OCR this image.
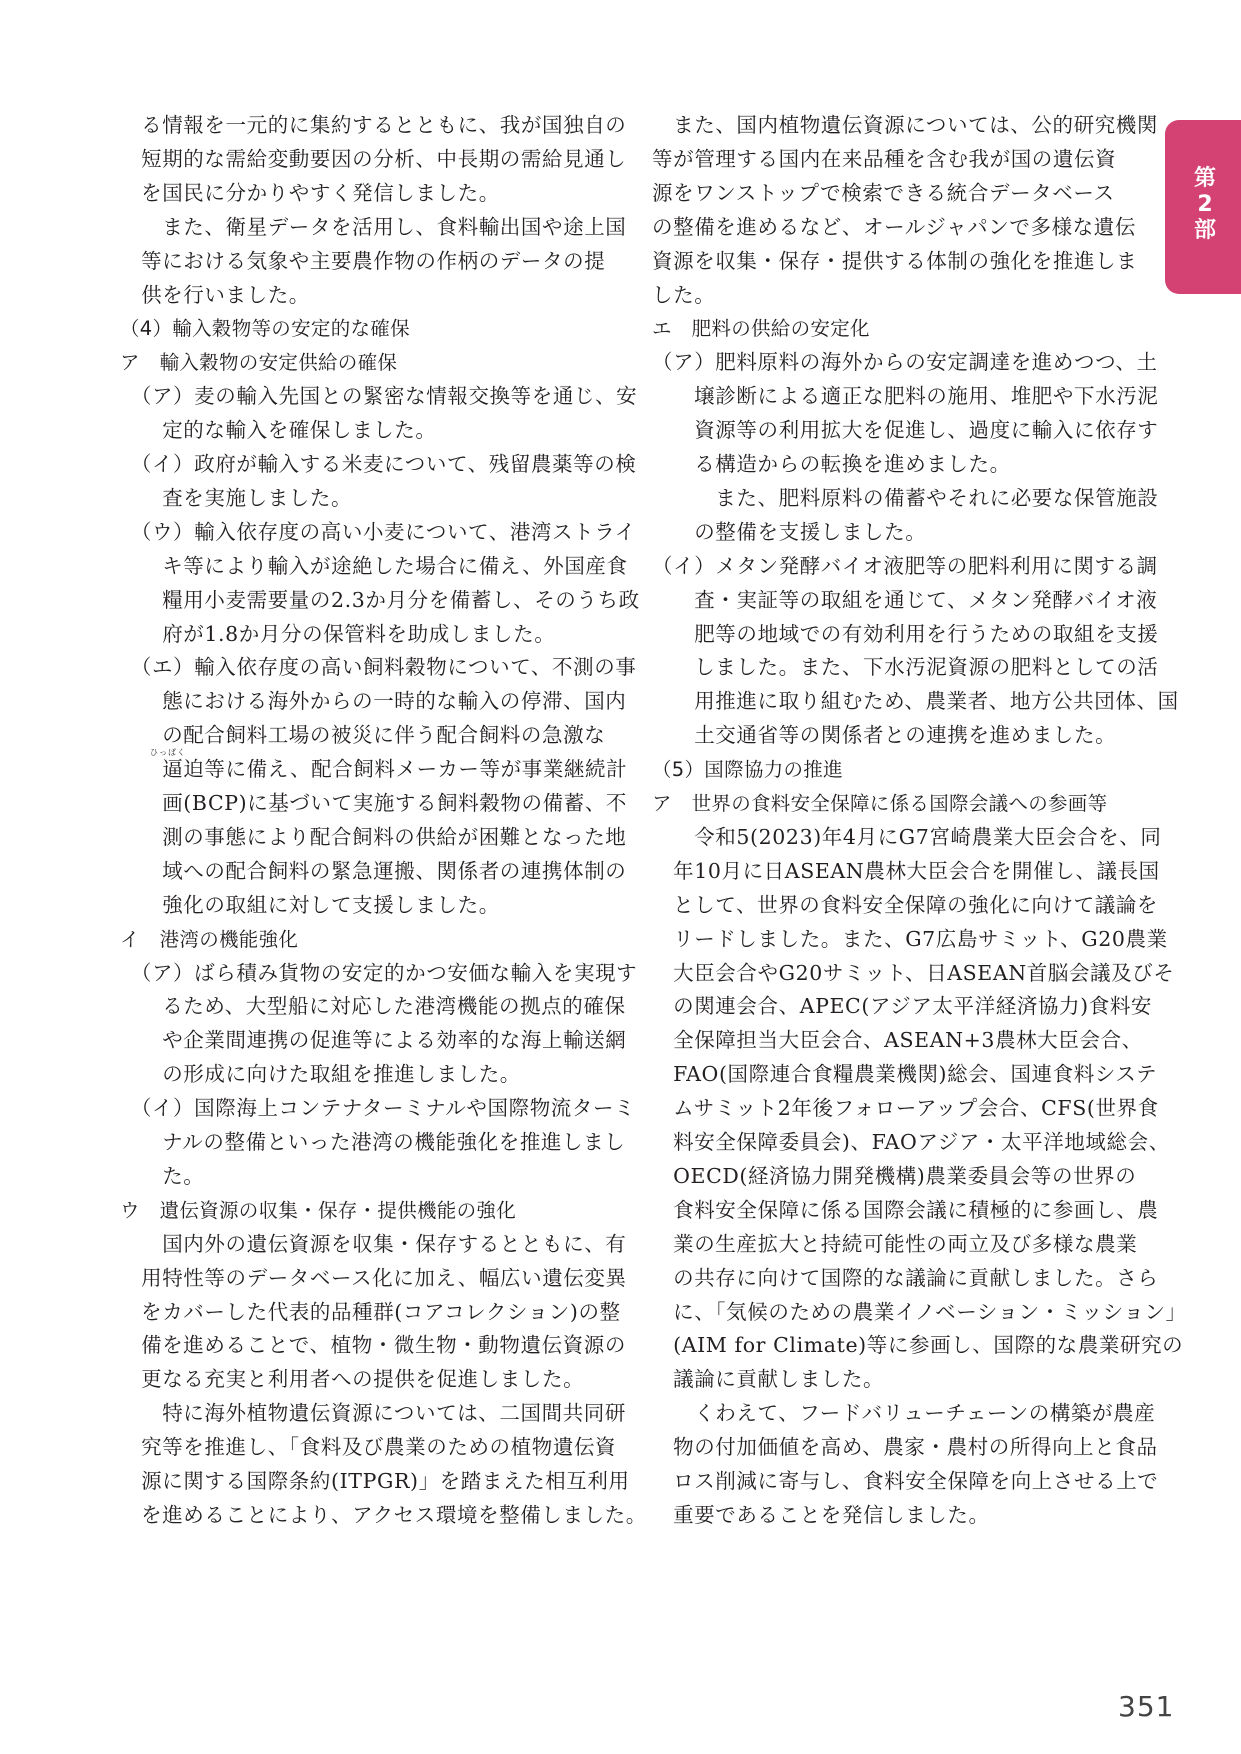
　る情報を一元的に集約するとともに、我が国独自の
　短期的な需給変動要因の分析、中長期の需給見通し
　を国民に分かりやすく発信しました。
　　また、衛星データを活用し、食料輸出国や途上国
　等における気象や主要農作物の作柄のデータの提
　供を行いました。
（4）輸入穀物等の安定的な確保
ア　輸入穀物の安定供給の確保
　（ア）麦の輸入先国との緊密な情報交換等を通じ、安
　　定的な輸入を確保しました。
　（イ）政府が輸入する米麦について、残留農薬等の検
　　査を実施しました。
　（ウ）輸入依存度の高い小麦について、港湾ストライ
　　キ等により輸入が途絶した場合に備え、外国産食
　　糧用小麦需要量の2.3か月分を備蓄し、そのうち政
　　府が1.8か月分の保管料を助成しました。
　（エ）輸入依存度の高い飼料穀物について、不測の事
　　態における海外からの一時的な輸入の停滞、国内
　　の配合飼料工場の被災に伴う配合飼料の急激な
　　逼迫等に備え、配合飼料メーカー等が事業継続計
　　画(BCP)に基づいて実施する飼料穀物の備蓄、不
　　測の事態により配合飼料の供給が困難となった地
　　域への配合飼料の緊急運搬、関係者の連携体制の
　　強化の取組に対して支援しました。
イ　港湾の機能強化
　（ア）ばら積み貨物の安定的かつ安価な輸入を実現す
　　るため、大型船に対応した港湾機能の拠点的確保
　　や企業間連携の促進等による効率的な海上輸送網
　　の形成に向けた取組を推進しました。
　（イ）国際海上コンテナターミナルや国際物流ターミ
　　ナルの整備といった港湾の機能強化を推進しまし
　　た。
ウ　遺伝資源の収集・保存・提供機能の強化
　　国内外の遺伝資源を収集・保存するとともに、有
　用特性等のデータベース化に加え、幅広い遺伝変異
　をカバーした代表的品種群(コアコレクション)の整
　備を進めることで、植物・微生物・動物遺伝資源の
　更なる充実と利用者への提供を促進しました。
　　特に海外植物遺伝資源については、二国間共同研
　究等を推進し、「食料及び農業のための植物遺伝資
　源に関する国際条約(ITPGR)」を踏まえた相互利用
　を進めることにより、アクセス環境を整備しました。
ひっぱく
　また、国内植物遺伝資源については、公的研究機関
等が管理する国内在来品種を含む我が国の遺伝資
源をワンストップで検索できる統合データベース
の整備を進めるなど、オールジャパンで多様な遺伝
資源を収集・保存・提供する体制の強化を推進しま
した。
エ　肥料の供給の安定化
（ア）肥料原料の海外からの安定調達を進めつつ、土
　　壌診断による適正な肥料の施用、堆肥や下水汚泥
　　資源等の利用拡大を促進し、過度に輸入に依存す
　　る構造からの転換を進めました。
　　　また、肥料原料の備蓄やそれに必要な保管施設
　　の整備を支援しました。
（イ）メタン発酵バイオ液肥等の肥料利用に関する調
　　査・実証等の取組を通じて、メタン発酵バイオ液
　　肥等の地域での有効利用を行うための取組を支援
　　しました。また、下水汚泥資源の肥料としての活
　　用推進に取り組むため、農業者、地方公共団体、国
　　土交通省等の関係者との連携を進めました。
（5）国際協力の推進
ア　世界の食料安全保障に係る国際会議への参画等
　　令和5(2023)年4月にG7宮崎農業大臣会合を、同
　年10月に日ASEAN農林大臣会合を開催し、議長国
　として、世界の食料安全保障の強化に向けて議論を
　リードしました。また、G7広島サミット、G20農業
　大臣会合やG20サミット、日ASEAN首脳会議及びそ
　の関連会合、APEC(アジア太平洋経済協力)食料安
　全保障担当大臣会合、ASEAN+3農林大臣会合、
　FAO(国際連合食糧農業機関)総会、国連食料システ
　ムサミット2年後フォローアップ会合、CFS(世界食
　料安全保障委員会)、FAOアジア・太平洋地域総会、
　OECD(経済協力開発機構)農業委員会等の世界の
　食料安全保障に係る国際会議に積極的に参画し、農
　業の生産拡大と持続可能性の両立及び多様な農業
　の共存に向けて国際的な議論に貢献しました。さら
　に、「気候のための農業イノベーション・ミッション」
　(AIM for Climate)等に参画し、国際的な農業研究の
　議論に貢献しました。
　　くわえて、フードバリューチェーンの構築が農産
　物の付加価値を高め、農家・農村の所得向上と食品
　ロス削減に寄与し、食料安全保障を向上させる上で
　重要であることを発信しました。
第
2
部
351
